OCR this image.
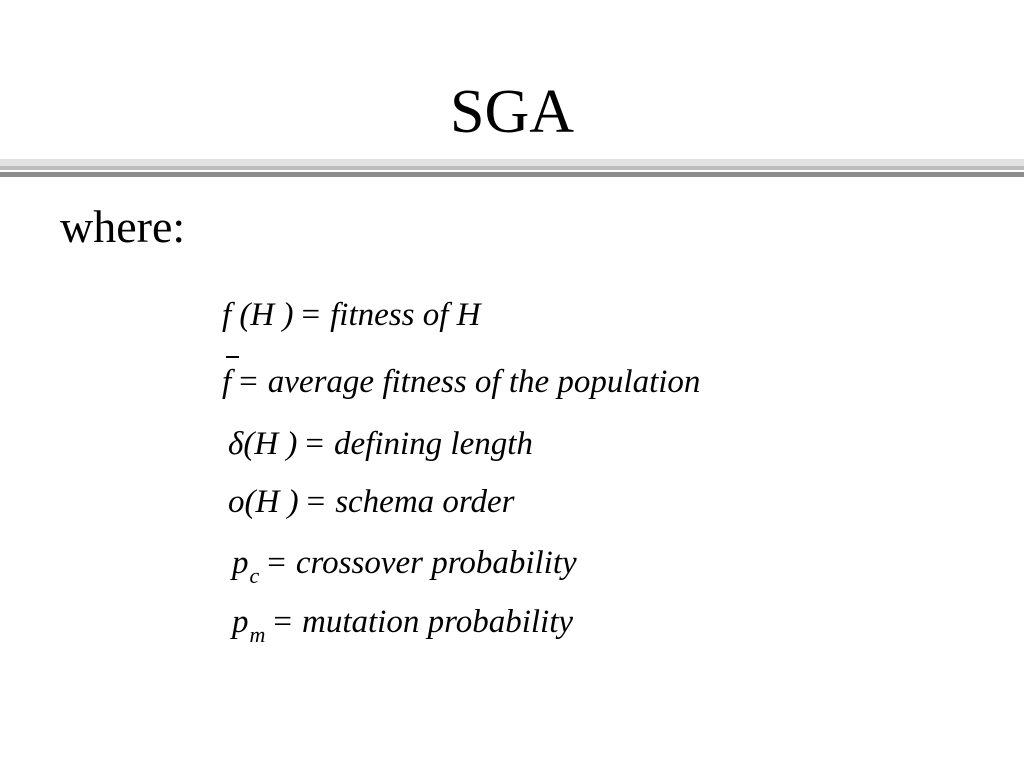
SGA
where:
f (H ) = fitness of H
f = average fitness of the population
δ(H ) = defining length
o(H ) = schema order
$p_c$ = crossover probability
$p_m$ = mutation probability
